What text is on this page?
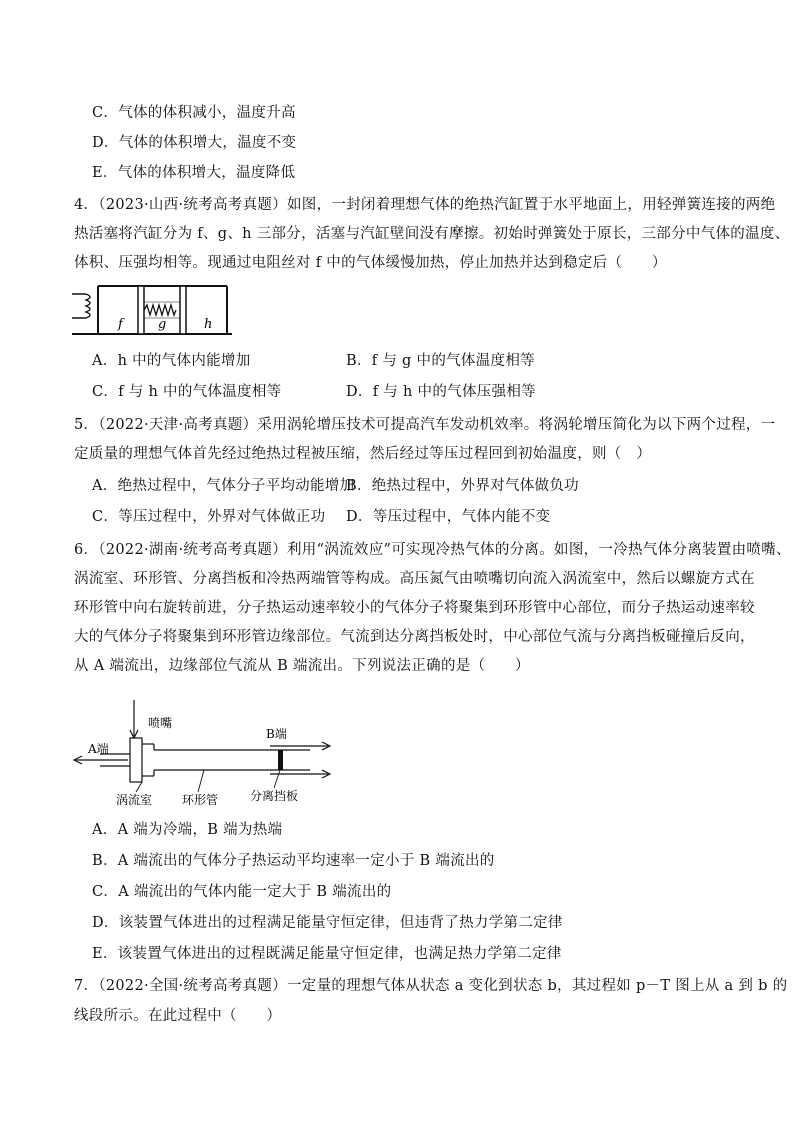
C．气体的体积减小，温度升高
D．气体的体积增大，温度不变
E．气体的体积增大，温度降低
4．（2023·山西·统考高考真题）如图，一封闭着理想气体的绝热汽缸置于水平地面上，用轻弹簧连接的两绝
热活塞将汽缸分为 f、g、h 三部分，活塞与汽缸壁间没有摩擦。初始时弹簧处于原长，三部分中气体的温度、
体积、压强均相等。现通过电阻丝对 f 中的气体缓慢加热，停止加热并达到稳定后（　　）
f	g	h
A．h 中的气体内能增加	B．f 与 g 中的气体温度相等
C．f 与 h 中的气体温度相等	D．f 与 h 中的气体压强相等
5．（2022·天津·高考真题）采用涡轮增压技术可提高汽车发动机效率。将涡轮增压简化为以下两个过程，一
定质量的理想气体首先经过绝热过程被压缩，然后经过等压过程回到初始温度，则（　）
A．绝热过程中，气体分子平均动能增加
B．绝热过程中，外界对气体做负功
C．等压过程中，外界对气体做正功 D．等压过程中，气体内能不变
6．（2022·湖南·统考高考真题）利用“涡流效应”可实现冷热气体的分离。如图，一冷热气体分离装置由喷嘴、
涡流室、环形管、分离挡板和冷热两端管等构成。高压氮气由喷嘴切向流入涡流室中，然后以螺旋方式在
环形管中向右旋转前进，分子热运动速率较小的气体分子将聚集到环形管中心部位，而分子热运动速率较
大的气体分子将聚集到环形管边缘部位。气流到达分离挡板处时，中心部位气流与分离挡板碰撞后反向，
从 A 端流出，边缘部位气流从 B 端流出。下列说法正确的是（　　）
喷嘴
A端
B端
涡流室 环形管	分离挡板
A．A 端为冷端，B 端为热端
B．A 端流出的气体分子热运动平均速率一定小于 B 端流出的
C．A 端流出的气体内能一定大于 B 端流出的
D．该装置气体进出的过程满足能量守恒定律，但违背了热力学第二定律
E．该装置气体进出的过程既满足能量守恒定律，也满足热力学第二定律
7．（2022·全国·统考高考真题）一定量的理想气体从状态 a 变化到状态 b，其过程如 p－T 图上从 a 到 b 的
线段所示。在此过程中（　　）
